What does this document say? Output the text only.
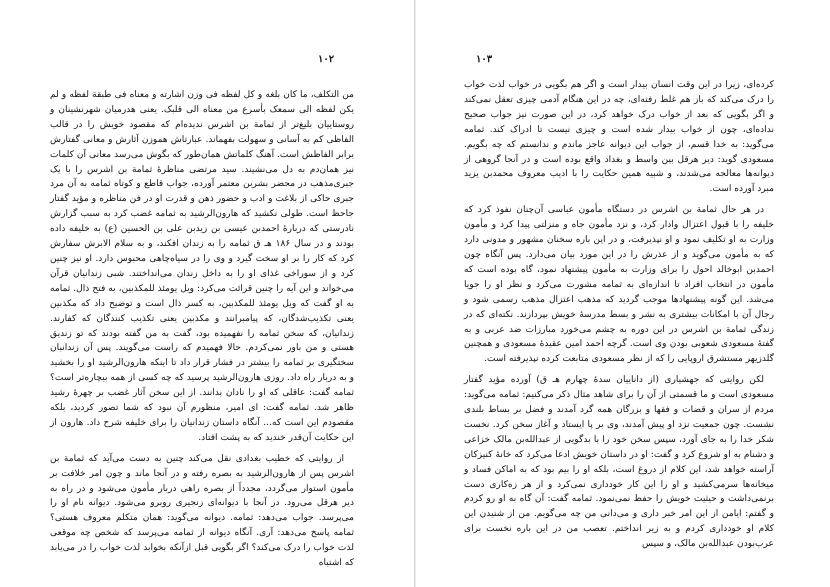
۱۰۲

من التکلف، ما کان بلغه و کل لفظه فی وزن اشارته و معناه فی طبقة لفظه و لم یکن لفظه الی سمعک بأسرع من معناه الی قلبک. یعنی هدرمیان شهرنشینان و روستاییان بلیغ‌تر از ثمامة بن اشرس ندیده‌ام که مقصود خویش را در قالب الفاظی کم به آسانی و سهولت بفهماند. عبارتاش هموزن آثارش و معانی گفتارش برابر الفاظش است. آهنگ کلماتش همان‌طور که بگوش می‌رسد معانی آن کلمات نیز همان‌دم به دل می‌نشیند. سید مرتضی مناظرهٔ ثمامة بن اشرس را با یک جبری‌مذهب در محضر بشربن معتمر آورده، جواب قاطع و کوتاه ثمامه به آن مرد جبری حاکی از بلاغت و ادب و حضور ذهن و قدرت او در فن مناظره و مؤید گفتار جاحظ است. طولی نکشید که هارون‌الرشید به ثمامه غضب کرد به سبب گزارش نادرستی که دربارهٔ احمدبن عیسی بن زیدبن علی بن الحسین (ع) به خلیفه داده بودند و در سال ۱۸۶ هـ ق ثمامه را به زندان افکند، و به سلام الابرش سفارش کرد که کار را بر او سخت گیرد و وی را در سیاه‌چاهی محبوس دارد. او نیز چنین کرد و از سوراخی غذای او را به داخل زندان می‌انداختند. شبی زندانیان قرآن می‌خواند و این آیه را چنین قرائت می‌کرد: ویل یومئذ للمکذبین، به فتح ذال. ثمامه به او گفت که ویل یومئذ للمکذبین، به کسر ذال است و توضیح داد که مکذبین یعنی تکذیب‌شدگان، که پیامبرانند و مکذبین یعنی تکذیب کنندگان که کفارند. زندانیان، که سخن ثمامه را نفهمیده بود، گفت به من گفته بودند که تو زندیق هستی و من باور نمی‌کردم. حالا فهمیدم که راست می‌گویند. پس آن زندانبان سختگیری بر ثمامه را بیشتر در فشار قرار داد تا اینکه هارون‌الرشید او را بخشید و به دربار راه داد. روزی هارون‌الرشید پرسید که چه کسی از همه بیچاره‌تر است؟ ثمامه گفت: عاقلی که او را نادان بدانند. از این سخن آثار غضب بر چهرهٔ رشید ظاهر شد. ثمامه گفت: ای امیر، منظورم آن نبود که شما تصور کردید، بلکه مقصودم این است که... آنگاه داستان زندانیان را برای خلیفه شرح داد. هارون از این حکایت آن‌قدر خندید که به پشت افتاد.

از روایتی که خطیب بغدادی نقل می‌کند چنین به دست می‌آید که ثمامة بن اشرس پس از هارون‌الرشید به بصره رفته و در آنجا ماند و چون امر خلافت بر مأمون استوار می‌گردد، مجدداً از بصره راهی دربار مأمون می‌شود و در راه به دیر هرقل می‌رود. در آنجا با دیوانه‌ای زنجیری روبرو می‌شود. دیوانه نام او را می‌پرسد. جواب می‌دهد: ثمامه. دیوانه می‌گوید: همان متکلم معروف هستی؟ ثمامه پاسخ می‌دهد: آری. آنگاه دیوانه از ثمامه می‌پرسد که شخص چه موقعی لذت خواب را درک می‌کند؟ اگر بگویی قبل ازآنکه بخوابد لذت خواب را در می‌یابد که اشتباه

۱۰۳

کرده‌ای، زیرا در این وقت انسان بیدار است و اگر هم بگویی در خواب لذت خواب را درک می‌کند که باز هم غلط رفته‌ای، چه در این هنگام آدمی چیزی تعقل نمی‌کند و اگر بگویی که بعد از خواب درک خواهد کرد، در این صورت نیز جواب صحیح نداده‌ای، چون از خواب بیدار شده است و چیزی نیست تا ادراک کند. ثمامه می‌گوید: به خدا قسم، از جواب این دیوانه عاجز ماندم و ندانستم که چه بگویم. مسعودی گوید: دیر هرقل بین واسط و بغداد واقع بوده است و در آنجا گروهی از دیوانه‌ها معالجه می‌شدند، و شبیه همین حکایت را با ادیب معروف محمدبن یزید مبرد آورده است.

در هر حال ثمامة بن اشرس در دستگاه مأمون عباسی آن‌چنان نفوذ کرد که خلیفه را با قبول اعتزال وادار کرد، و نزد مأمون جاه و منزلتی پیدا کرد و مأمون وزارت به او تکلیف نمود و او نپذیرفت، و در این باره سخنان مشهور و مدونی دارد که به مأمون می‌گوید و از عذرش را در این مورد بیان می‌دارد. پس آنگاه چون احمدبن ابوخالد احول را برای وزارت به مأمون پیشنهاد نمود، گاه بوده است که مأمون در انتخاب افراد تا اندازه‌ای به ثمامه مشورت می‌کرد و نظر او را جویا می‌شد. این گونه پیشنهادها موجب گردید که مذهب اعتزال مذهب رسمی شود و رجال آن با امکانات بیشتری به نشر و بسط مدرسهٔ خویش بپردازند. نکته‌ای که در زندگی ثمامة بن اشرس در این دوره به چشم می‌خورد مبارزات ضد عربی و به گفتهٔ مسعودی شعوبی بودن وی است. گرچه احمد امین عقیدهٔ مسعودی و همچنین گلدزیهر مستشرق اروپایی را که از نظر مسعودی متابعت کرده نپذیرفته است.

لکن روایتی که جهشیاری (از داناییان سدهٔ چهارم هـ ق) آورده مؤید گفتار مسعودی است و ما قسمتی از آن را برای شاهد مثال ذکر می‌کنیم: ثمامه می‌گوید: مردم از سران و قضات و فقها و بزرگان همه گرد آمدند و فضل بر بساط بلندی نشست. چون جمعیت نزد او پیش آمدند، وی بر پا ایستاد و آغاز سخن کرد. نخست شکر خدا را به جای آورد، سپس سخن خود را با بدگویی از عبدالله‌بن مالک خزاعی و دشنام به او شروع کرد و گفت: او در داستان خویش ادعا می‌کرد که خانهٔ کنیزکان آراسته خواهد شد، این کلام از دروغ است، بلکه او را بیم بود که به اماکن فساد و میخانه‌ها سرمی‌کشید و او را این کار خودداری نمی‌کرد و از هر زه‌کاری دست برنمی‌داشت و حیثیت خویش را حفظ نمی‌نمود. ثمامه گفت: آن گاه به او رو کردم و گفتم: ایامن از این امر خبر داری و می‌دانی من چه می‌گویم. من از شنیدن این کلام او خودداری کردم و به زیر انداختم. تعصب من در این باره نخست برای عرب‌بودن عبدالله‌بن مالک، و سپس
